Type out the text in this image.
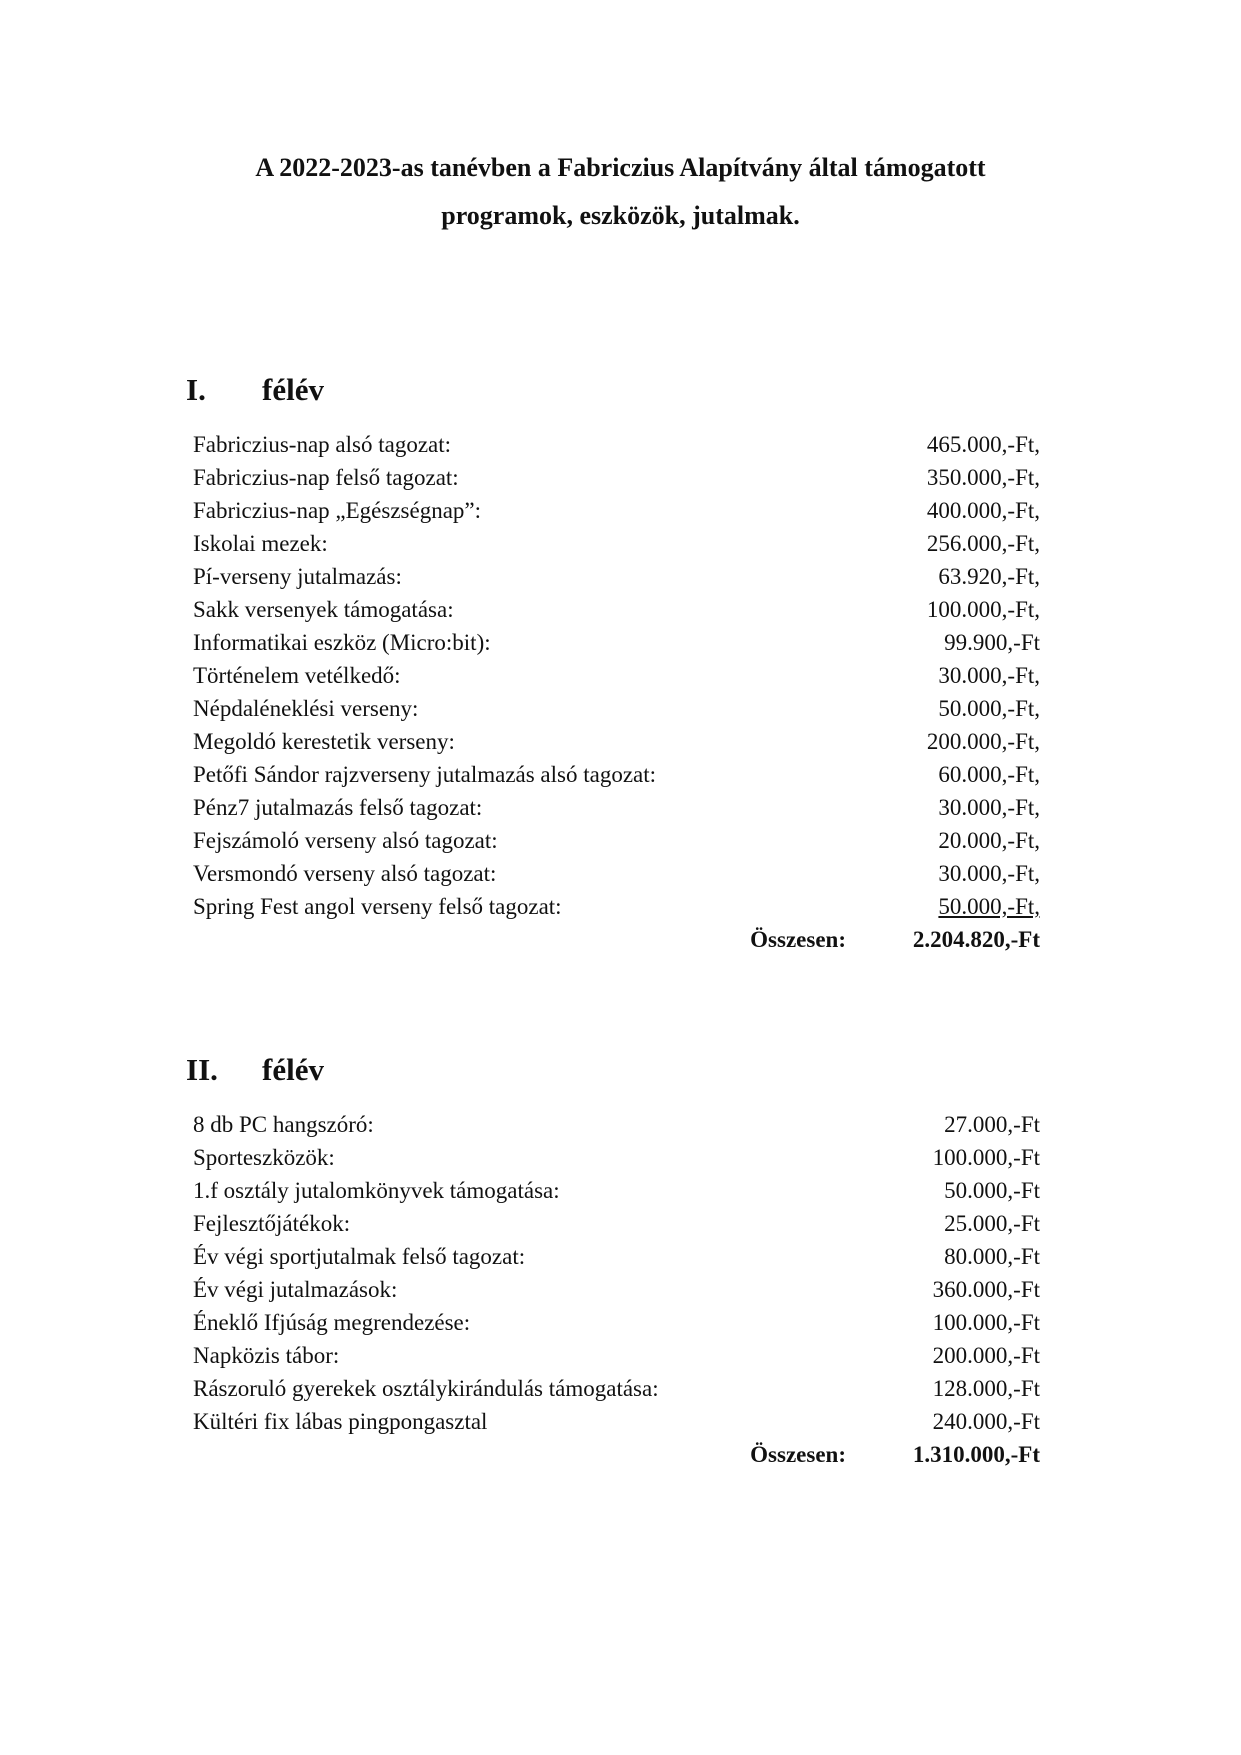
A 2022-2023-as tanévben a Fabriczius Alapítvány által támogatott
programok, eszközök, jutalmak.
I. félév
Fabriczius-nap alsó tagozat:	465.000,-Ft,
Fabriczius-nap felső tagozat:	350.000,-Ft,
Fabriczius-nap „Egészségnap”:	400.000,-Ft,
Iskolai mezek:	256.000,-Ft,
Pí-verseny jutalmazás:	63.920,-Ft,
Sakk versenyek támogatása:	100.000,-Ft,
Informatikai eszköz (Micro:bit):	99.900,-Ft
Történelem vetélkedő:	30.000,-Ft,
Népdaléneklési verseny:	50.000,-Ft,
Megoldó kerestetik verseny:	200.000,-Ft,
Petőfi Sándor rajzverseny jutalmazás alsó tagozat:	60.000,-Ft,
Pénz7 jutalmazás felső tagozat:	30.000,-Ft,
Fejszámoló verseny alsó tagozat:	20.000,-Ft,
Versmondó verseny alsó tagozat:	30.000,-Ft,
Spring Fest angol verseny felső tagozat:	50.000,-Ft,
Összesen:	2.204.820,-Ft
II. félév
8 db PC hangszóró:	27.000,-Ft
Sporteszközök:	100.000,-Ft
1.f osztály jutalomkönyvek támogatása:	50.000,-Ft
Fejlesztőjátékok:	25.000,-Ft
Év végi sportjutalmak felső tagozat:	80.000,-Ft
Év végi jutalmazások:	360.000,-Ft
Éneklő Ifjúság megrendezése:	100.000,-Ft
Napközis tábor:	200.000,-Ft
Rászoruló gyerekek osztálykirándulás támogatása:	128.000,-Ft
Kültéri fix lábas pingpongasztal	240.000,-Ft
Összesen:	1.310.000,-Ft
